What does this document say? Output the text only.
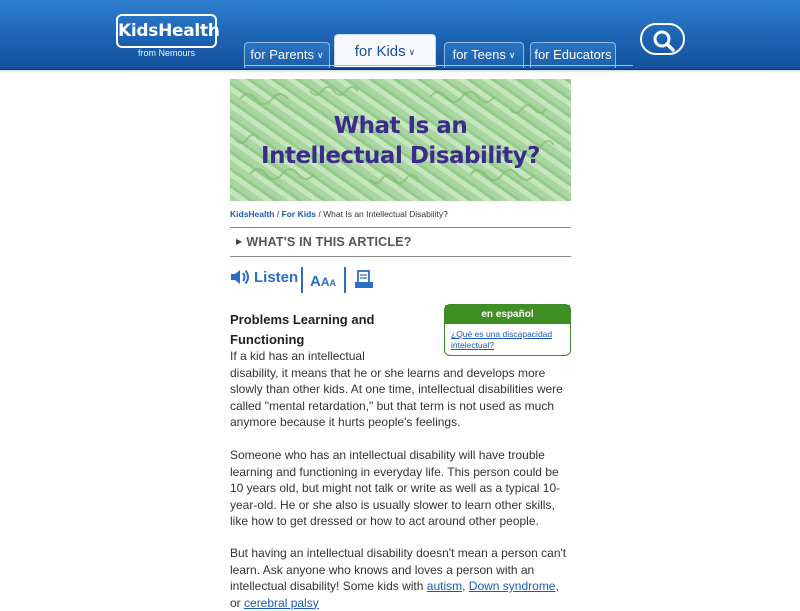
KidsHealth
from Nemours	for Parents ∨	for Kids ∨	for Teens ∨	for Educators
What Is an
Intellectual Disability?
KidsHealth / For Kids / What Is an Intellectual Disability?
▶ WHAT'S IN THIS ARTICLE?
Listen AAA
en español
¿Qué es una discapacidad intelectual?
Problems Learning and Functioning
If a kid has an intellectual disability, it means that he or she learns and develops more slowly than other kids. At one time, intellectual disabilities were called "mental retardation," but that term is not used as much anymore because it hurts people's feelings.
Someone who has an intellectual disability will have trouble learning and functioning in everyday life. This person could be 10 years old, but might not talk or write as well as a typical 10-year-old. He or she also is usually slower to learn other skills, like how to get dressed or how to act around other people.
But having an intellectual disability doesn't mean a person can't learn. Ask anyone who knows and loves a person with an intellectual disability! Some kids with autism, Down syndrome, or cerebral palsy
